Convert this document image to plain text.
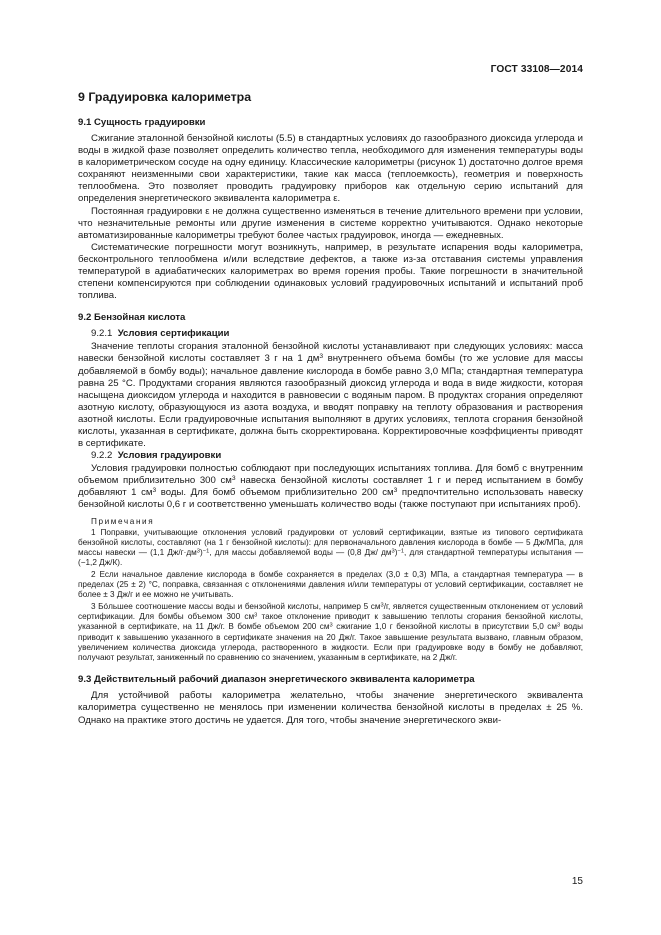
ГОСТ 33108—2014
9 Градуировка калориметра
9.1 Сущность градуировки

Сжигание эталонной бензойной кислоты (5.5) в стандартных условиях до газообразного диоксида углерода и воды в жидкой фазе позволяет определить количество тепла, необходимого для изменения температуры воды в калориметрическом сосуде на одну единицу. Классические калориметры (рисунок 1) достаточно долгое время сохраняют неизменными свои характеристики, такие как масса (теплоемкость), геометрия и поверхность теплообмена. Это позволяет проводить градуировку приборов как отдельную серию испытаний для определения энергетического эквивалента калориметра ε.

Постоянная градуировки ε не должна существенно изменяться в течение длительного времени при условии, что незначительные ремонты или другие изменения в системе корректно учитываются. Однако некоторые автоматизированные калориметры требуют более частых градуировок, иногда — ежедневных.

Систематические погрешности могут возникнуть, например, в результате испарения воды калориметра, бесконтрольного теплообмена и/или вследствие дефектов, а также из-за отставания системы управления температурой в адиабатических калориметрах во время горения пробы. Такие погрешности в значительной степени компенсируются при соблюдении одинаковых условий градуировочных испытаний и испытаний проб топлива.

9.2 Бензойная кислота
9.2.1 Условия сертификации

Значение теплоты сгорания эталонной бензойной кислоты устанавливают при следующих условиях: масса навески бензойной кислоты составляет 3 г на 1 $дм^3$ внутреннего объема бомбы (то же условие для массы добавляемой в бомбу воды); начальное давление кислорода в бомбе равно 3,0 МПа; стандартная температура равна 25 °С. Продуктами сгорания являются газообразный диоксид углерода и вода в виде жидкости, которая насыщена диоксидом углерода и находится в равновесии с водяным паром. В продуктах сгорания определяют азотную кислоту, образующуюся из азота воздуха, и вводят поправку на теплоту образования и растворения азотной кислоты. Если градуировочные испытания выполняют в других условиях, теплота сгорания бензойной кислоты, указанная в сертификате, должна быть скорректирована. Корректировочные коэффициенты приводят в сертификате.

9.2.2 Условия градуировки

Условия градуировки полностью соблюдают при последующих испытаниях топлива. Для бомб с внутренним объемом приблизительно 300 $см^3$ навеска бензойной кислоты составляет 1 г и перед испытанием в бомбу добавляют 1 $см^3$ воды. Для бомб объемом приблизительно 200 $см^3$ предпочтительно использовать навеску бензойной кислоты 0,6 г и соответственно уменьшать количество воды (также поступают при испытаниях проб).

Примечания

1 Поправки, учитывающие отклонения условий градуировки от условий сертификации, взятые из типового сертификата бензойной кислоты, составляют (на 1 г бензойной кислоты): для первоначального давления кислорода в бомбе — 5 Дж/МПа, для массы навески — (1,1 $Дж/г\cdot дм^3)^{-1}$, для массы добавляемой воды — (0,8 Дж/ $дм^3)^{-1}$, для стандартной температуры испытания — (−1,2 Дж/К).

2 Если начальное давление кислорода в бомбе сохраняется в пределах (3,0 ± 0,3) МПа, а стандартная температура — в пределах (25 ± 2) °С, поправка, связанная с отклонениями давления и/или температуры от условий сертификации, составляет не более ± 3 Дж/г и ее можно не учитывать.

3 Бóльшее соотношение массы воды и бензойной кислоты, например 5 $см^3/г$, является существенным отклонением от условий сертификации. Для бомбы объемом 300 $см^3$ такое отклонение приводит к завышению теплоты сгорания бензойной кислоты, указанной в сертификате, на 11 Дж/г. В бомбе объемом 200 $см^3$ сжигание 1,0 г бензойной кислоты в присутствии 5,0 $см^3$ воды приводит к завышению указанного в сертификате значения на 20 Дж/г. Такое завышение результата вызвано, главным образом, увеличением количества диоксида углерода, растворенного в жидкости. Если при градуировке воду в бомбу не добавляют, получают результат, заниженный по сравнению со значением, указанным в сертификате, на 2 Дж/г.

9.3 Действительный рабочий диапазон энергетического эквивалента калориметра

Для устойчивой работы калориметра желательно, чтобы значение энергетического эквивалента калориметра существенно не менялось при изменении количества бензойной кислоты в пределах ± 25 %. Однако на практике этого достичь не удается. Для того, чтобы значение энергетического экви-

15
